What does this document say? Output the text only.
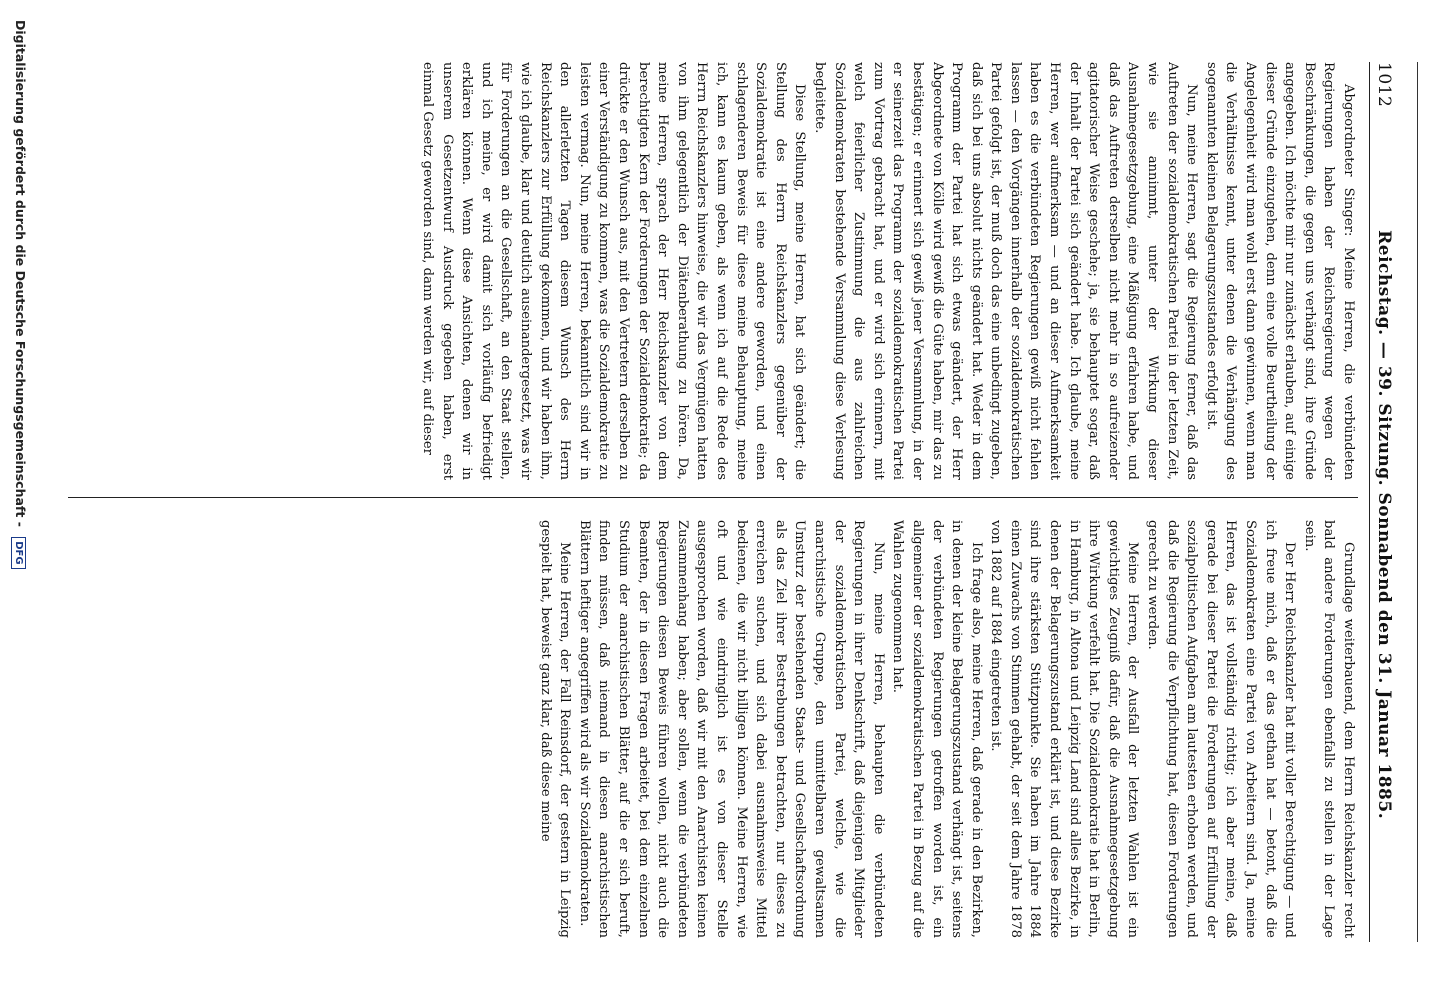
1012
Reichstag. — 39. Sitzung. Sonnabend den 31. Januar 1885.

Abgeordneter Singer: Meine Herren, die verbündeten Regierungen haben der Reichsregierung wegen der Beschränkungen, die gegen uns verhängt sind, ihre Gründe angegeben. Ich möchte mir nur zunächst erlauben, auf einige dieser Gründe einzugehen, denn eine volle Beurtheilung der Angelegenheit wird man wohl erst dann gewinnen, wenn man die Verhältnisse kennt, unter denen die Verhängung des sogenannten kleinen Belagerungszustandes erfolgt ist.

Nun, meine Herren, sagt die Regierung ferner, daß das Auftreten der sozialdemokratischen Partei in der letzten Zeit, wie sie annimmt, unter der Wirkung dieser Ausnahmegesetzgebung, eine Mäßigung erfahren habe, und daß das Auftreten derselben nicht mehr in so aufreizender agitatorischer Weise geschehe; ja, sie behauptet sogar, daß der Inhalt der Partei sich geändert habe. Ich glaube, meine Herren, wer aufmerksam — und an dieser Aufmerksamkeit haben es die verbündeten Regierungen gewiß nicht fehlen lassen — den Vorgängen innerhalb der sozialdemokratischen Partei gefolgt ist, der muß doch das eine unbedingt zugeben, daß sich bei uns absolut nichts geändert hat. Weder in dem Programm der Partei hat sich etwas geändert, der Herr Abgeordnete von Kölle wird gewiß die Güte haben, mir das zu bestätigen; er erinnert sich gewiß jener Versammlung, in der er seinerzeit das Programm der sozialdemokratischen Partei zum Vortrag gebracht hat, und er wird sich erinnern, mit welch feierlicher Zustimmung die aus zahlreichen Sozialdemokraten bestehende Versammlung diese Verlesung begleitete.

Diese Stellung, meine Herren, hat sich geändert; die Stellung des Herrn Reichskanzlers gegenüber der Sozialdemokratie ist eine andere geworden, und einen schlagenderen Beweis für diese meine Behauptung, meine ich, kann es kaum geben, als wenn ich auf die Rede des Herrn Reichskanzlers hinweise, die wir das Vergnügen hatten von ihm gelegentlich der Diätenberathung zu hören. Da, meine Herren, sprach der Herr Reichskanzler von dem berechtigten Kern der Forderungen der Sozialdemokratie; da drückte er den Wunsch aus, mit den Vertretern derselben zu einer Verständigung zu kommen, was die Sozialdemokratie zu leisten vermag. Nun, meine Herren, bekanntlich sind wir in den allerletzten Tagen diesem Wunsch des Herrn Reichskanzlers zur Erfüllung gekommen, und wir haben ihm, wie ich glaube, klar und deutlich auseinandergesetzt, was wir für Forderungen an die Gesellschaft, an den Staat stellen, und ich meine, er wird damit sich vorläufig befriedigt erklären können. Wenn diese Ansichten, denen wir in unserem Gesetzentwurf Ausdruck gegeben haben, erst einmal Gesetz geworden sind, dann werden wir, auf dieser

Grundlage weiterbauend, dem Herrn Reichskanzler recht bald andere Forderungen ebenfalls zu stellen in der Lage sein.

Der Herr Reichskanzler hat mit voller Berechtigung — und ich freue mich, daß er das gethan hat — betont, daß die Sozialdemokraten eine Partei von Arbeitern sind. Ja, meine Herren, das ist vollständig richtig; ich aber meine, daß gerade bei dieser Partei die Forderungen auf Erfüllung der sozialpolitischen Aufgaben am lautesten erhoben werden, und daß die Regierung die Verpflichtung hat, diesen Forderungen gerecht zu werden.

Meine Herren, der Ausfall der letzten Wahlen ist ein gewichtiges Zeugniß dafür, daß die Ausnahmegesetzgebung ihre Wirkung verfehlt hat. Die Sozialdemokratie hat in Berlin, in Hamburg, in Altona und Leipzig Land sind alles Bezirke, in denen der Belagerungszustand erklärt ist, und diese Bezirke sind ihre stärksten Stützpunkte. Sie haben im Jahre 1884 einen Zuwachs von Stimmen gehabt, der seit dem Jahre 1878 von 1882 auf 1884 eingetreten ist.

Ich frage also, meine Herren, daß gerade in den Bezirken, in denen der kleine Belagerungszustand verhängt ist, seitens der verbündeten Regierungen getroffen worden ist, ein allgemeiner der sozialdemokratischen Partei in Bezug auf die Wahlen zugenommen hat.

Nun, meine Herren, behaupten die verbündeten Regierungen in ihrer Denkschrift, daß diejenigen Mitglieder der sozialdemokratischen Partei, welche, wie die anarchistische Gruppe, den unmittelbaren gewaltsamen Umsturz der bestehenden Staats- und Gesellschaftsordnung als das Ziel ihrer Bestrebungen betrachten, nur dieses zu erreichen suchen, und sich dabei ausnahmsweise Mittel bedienen, die wir nicht billigen können. Meine Herren, wie oft und wie eindringlich ist es von dieser Stelle ausgesprochen worden, daß wir mit den Anarchisten keinen Zusammenhang haben; aber sollen, wenn die verbündeten Regierungen diesen Beweis führen wollen, nicht auch die Beamten, der in diesen Fragen arbeitet, bei dem einzelnen Studium der anarchistischen Blätter, auf die er sich beruft, finden müssen, daß niemand in diesen anarchistischen Blättern heftiger angegriffen wird als wir Sozialdemokraten.

Meine Herren, der Fall Reinsdorf, der gestern in Leipzig gespielt hat, beweist ganz klar, daß diese meine

Digitalisierung gefördert durch die Deutsche Forschungsgemeinschaft - DFG
